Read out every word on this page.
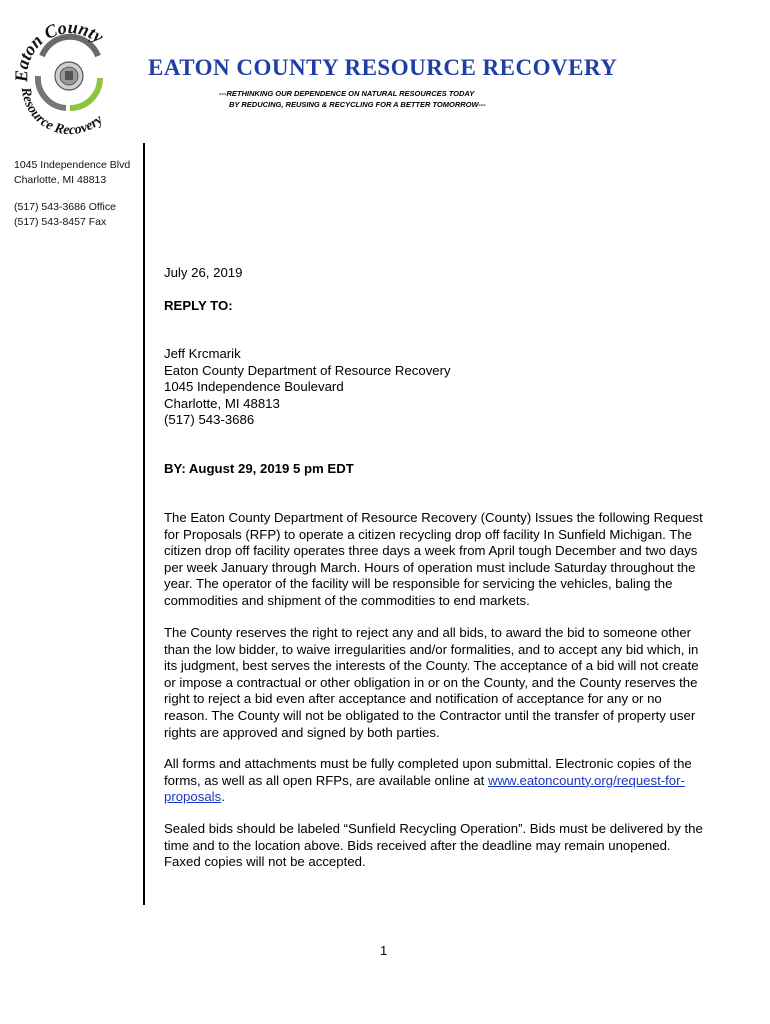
Eaton County
Resource Recovery
EATON COUNTY RESOURCE RECOVERY
---RETHINKING OUR DEPENDENCE ON NATURAL RESOURCES TODAY
BY REDUCING, REUSING & RECYCLING FOR A BETTER TOMORROW---
1045 Independence Blvd
Charlotte, MI 48813
(517) 543-3686 Office
(517) 543-8457 Fax
July 26, 2019
REPLY TO:
Jeff Krcmarik
Eaton County Department of Resource Recovery
1045 Independence Boulevard
Charlotte, MI 48813
(517) 543-3686
BY: August 29, 2019 5 pm EDT
The Eaton County Department of Resource Recovery (County) Issues the following Request for Proposals (RFP) to operate a citizen recycling drop off facility In Sunfield Michigan. The citizen drop off facility operates three days a week from April tough December and two days per week January through March. Hours of operation must include Saturday throughout the year. The operator of the facility will be responsible for servicing the vehicles, baling the commodities and shipment of the commodities to end markets.
The County reserves the right to reject any and all bids, to award the bid to someone other than the low bidder, to waive irregularities and/or formalities, and to accept any bid which, in its judgment, best serves the interests of the County. The acceptance of a bid will not create or impose a contractual or other obligation in or on the County, and the County reserves the right to reject a bid even after acceptance and notification of acceptance for any or no reason. The County will not be obligated to the Contractor until the transfer of property user rights are approved and signed by both parties.
All forms and attachments must be fully completed upon submittal. Electronic copies of the forms, as well as all open RFPs, are available online at www.eatoncounty.org/request-for-proposals.
Sealed bids should be labeled “Sunfield Recycling Operation”. Bids must be delivered by the time and to the location above. Bids received after the deadline may remain unopened. Faxed copies will not be accepted.
1
